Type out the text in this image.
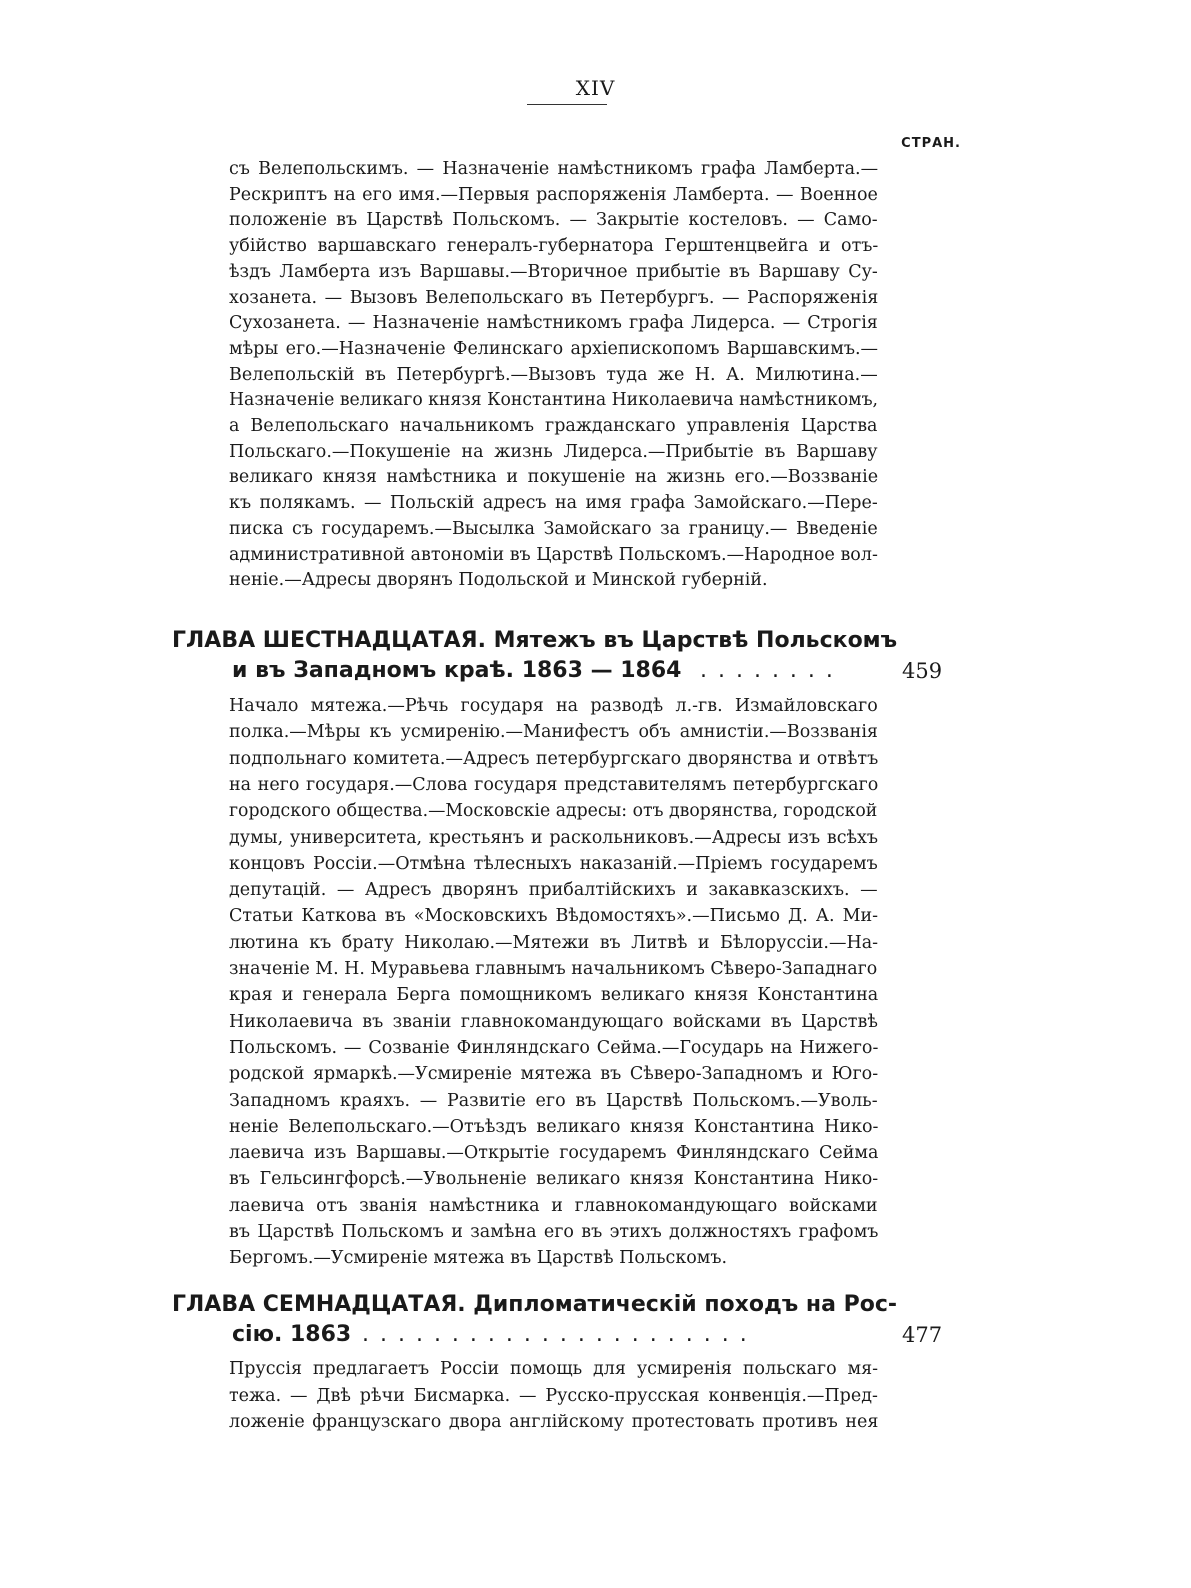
XIV
СТРАН.
съ Велепольскимъ. — Назначеніе намѣстникомъ графа Ламберта.—
Рескриптъ на его имя.—Первыя распоряженія Ламберта. — Военное
положеніе въ Царствѣ Польскомъ. — Закрытіе костеловъ. — Само-
убійство варшавскаго генералъ-губернатора Герштенцвейга и отъ-
ѣздъ Ламберта изъ Варшавы.—Вторичное прибытіе въ Варшаву Су-
хозанета. — Вызовъ Велепольскаго въ Петербургъ. — Распоряженія
Сухозанета. — Назначеніе намѣстникомъ графа Лидерса. — Строгія
мѣры его.—Назначеніе Фелинскаго архіепископомъ Варшавскимъ.—
Велепольскій въ Петербургѣ.—Вызовъ туда же Н. А. Милютина.—
Назначеніе великаго князя Константина Николаевича намѣстникомъ,
а Велепольскаго начальникомъ гражданскаго управленія Царства
Польскаго.—Покушеніе на жизнь Лидерса.—Прибытіе въ Варшаву
великаго князя намѣстника и покушеніе на жизнь его.—Воззваніе
къ полякамъ. — Польскій адресъ на имя графа Замойскаго.—Пере-
писка съ государемъ.—Высылка Замойскаго за границу.— Введеніе
административной автономіи въ Царствѣ Польскомъ.—Народное вол-
неніе.—Адресы дворянъ Подольской и Минской губерній.
ГЛАВА ШЕСТНАДЦАТАЯ. Мятежъ въ Царствѣ Польскомъ
и въ Западномъ краѣ. 1863 — 1864 . . . . . . . .	459
Начало мятежа.—Рѣчь государя на разводѣ л.-гв. Измайловскаго
полка.—Мѣры къ усмиренію.—Манифестъ объ амнистіи.—Воззванія
подпольнаго комитета.—Адресъ петербургскаго дворянства и отвѣтъ
на него государя.—Слова государя представителямъ петербургскаго
городского общества.—Московскіе адресы: отъ дворянства, городской
думы, университета, крестьянъ и раскольниковъ.—Адресы изъ всѣхъ
концовъ Россіи.—Отмѣна тѣлесныхъ наказаній.—Пріемъ государемъ
депутацій. — Адресъ дворянъ прибалтійскихъ и закавказскихъ. —
Статьи Каткова въ «Московскихъ Вѣдомостяхъ».—Письмо Д. А. Ми-
лютина къ брату Николаю.—Мятежи въ Литвѣ и Бѣлоруссіи.—На-
значеніе М. Н. Муравьева главнымъ начальникомъ Сѣверо-Западнаго
края и генерала Берга помощникомъ великаго князя Константина
Николаевича въ званіи главнокомандующаго войсками въ Царствѣ
Польскомъ. — Созваніе Финляндскаго Сейма.—Государь на Нижего-
родской ярмаркѣ.—Усмиреніе мятежа въ Сѣверо-Западномъ и Юго-
Западномъ краяхъ. — Развитіе его въ Царствѣ Польскомъ.—Уволь-
неніе Велепольскаго.—Отъѣздъ великаго князя Константина Нико-
лаевича изъ Варшавы.—Открытіе государемъ Финляндскаго Сейма
въ Гельсингфорсѣ.—Увольненіе великаго князя Константина Нико-
лаевича отъ званія намѣстника и главнокомандующаго войсками
въ Царствѣ Польскомъ и замѣна его въ этихъ должностяхъ графомъ
Бергомъ.—Усмиреніе мятежа въ Царствѣ Польскомъ.
ГЛАВА СЕМНАДЦАТАЯ. Дипломатическій походъ на Рос-
сію. 1863 . . . . . . . . . . . . . . . . . . . . . .	477
Пруссія предлагаетъ Россіи помощь для усмиренія польскаго мя-
тежа. — Двѣ рѣчи Бисмарка. — Русско-прусская конвенція.—Пред-
ложеніе французскаго двора англійскому протестовать противъ нея
